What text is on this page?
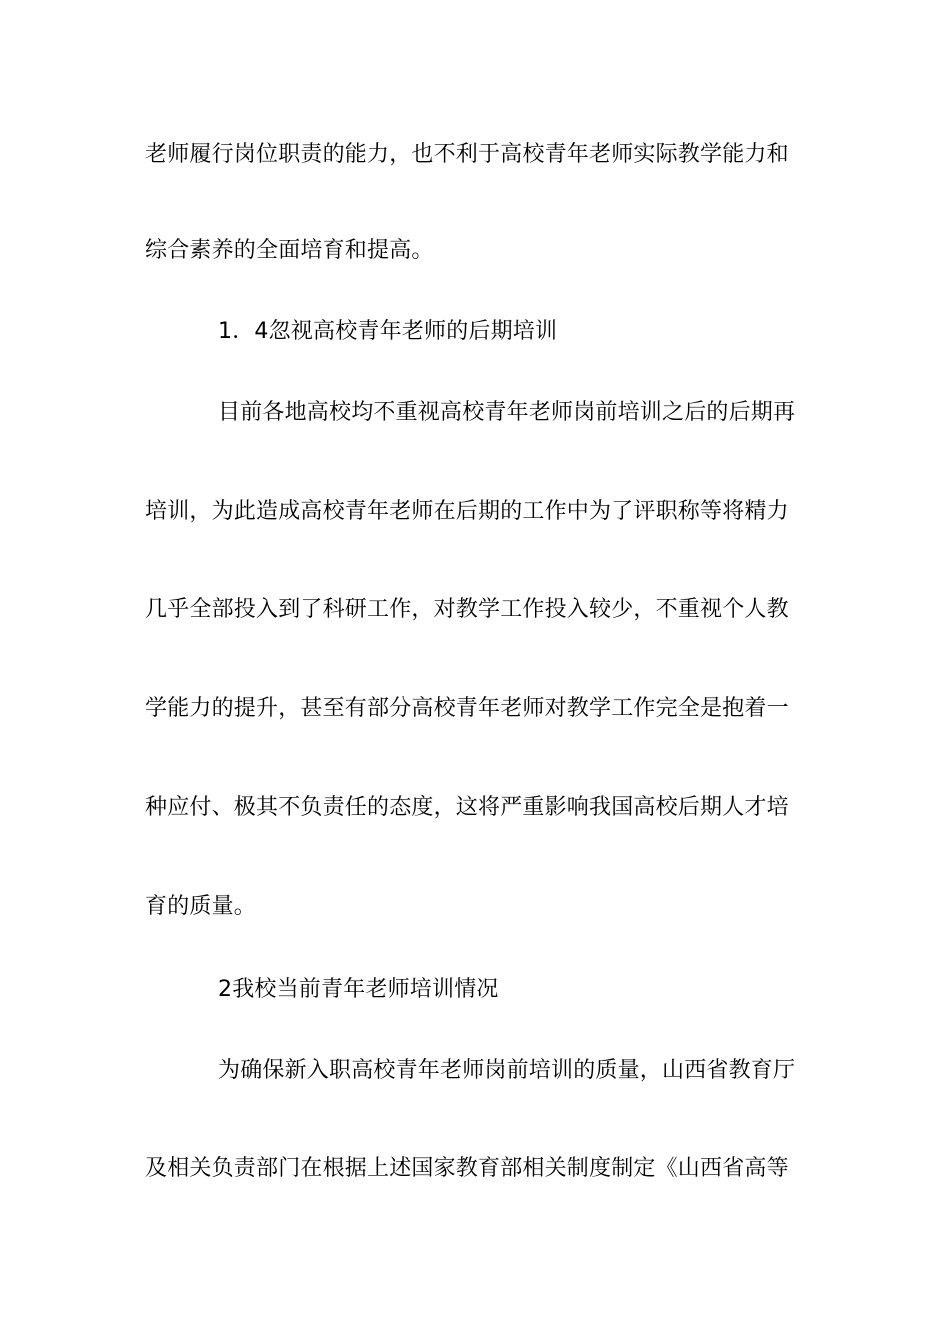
老师履行岗位职责的能力，也不利于高校青年老师实际教学能力和
综合素养的全面培育和提高。
1．4忽视高校青年老师的后期培训
目前各地高校均不重视高校青年老师岗前培训之后的后期再
培训，为此造成高校青年老师在后期的工作中为了评职称等将精力
几乎全部投入到了科研工作，对教学工作投入较少，不重视个人教
学能力的提升，甚至有部分高校青年老师对教学工作完全是抱着一
种应付、极其不负责任的态度，这将严重影响我国高校后期人才培
育的质量。
2我校当前青年老师培训情况
为确保新入职高校青年老师岗前培训的质量，山西省教育厅
及相关负责部门在根据上述国家教育部相关制度制定《山西省高等
